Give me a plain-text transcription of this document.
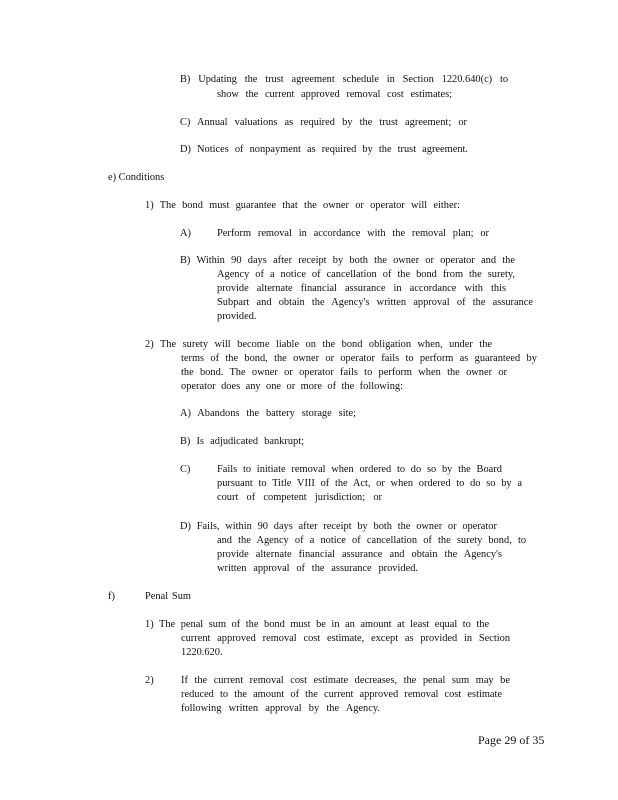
B) Updating the trust agreement schedule in Section 1220.640(c) to
show the current approved removal cost estimates;
C) Annual valuations as required by the trust agreement; or
D) Notices of nonpayment as required by the trust agreement.
e) Conditions
1) The bond must guarantee that the owner or operator will either:
A)	Perform removal in accordance with the removal plan; or
B) Within 90 days after receipt by both the owner or operator and the
Agency of a notice of cancellation of the bond from the surety,
provide alternate financial assurance in accordance with this
Subpart and obtain the Agency's written approval of the assurance
provided.
2) The surety will become liable on the bond obligation when, under the
terms of the bond, the owner or operator fails to perform as guaranteed by
the bond. The owner or operator fails to perform when the owner or
operator does any one or more of the following:
A) Abandons the battery storage site;
B) Is adjudicated bankrupt;
C)	Fails to initiate removal when ordered to do so by the Board
pursuant to Title VIII of the Act, or when ordered to do so by a
court of competent jurisdiction; or
D) Fails, within 90 days after receipt by both the owner or operator
and the Agency of a notice of cancellation of the surety bond, to
provide alternate financial assurance and obtain the Agency's
written approval of the assurance provided.
f)	Penal Sum
1) The penal sum of the bond must be in an amount at least equal to the
current approved removal cost estimate, except as provided in Section
1220.620.
2)	If the current removal cost estimate decreases, the penal sum may be
reduced to the amount of the current approved removal cost estimate
following written approval by the Agency.
Page 29 of 35
